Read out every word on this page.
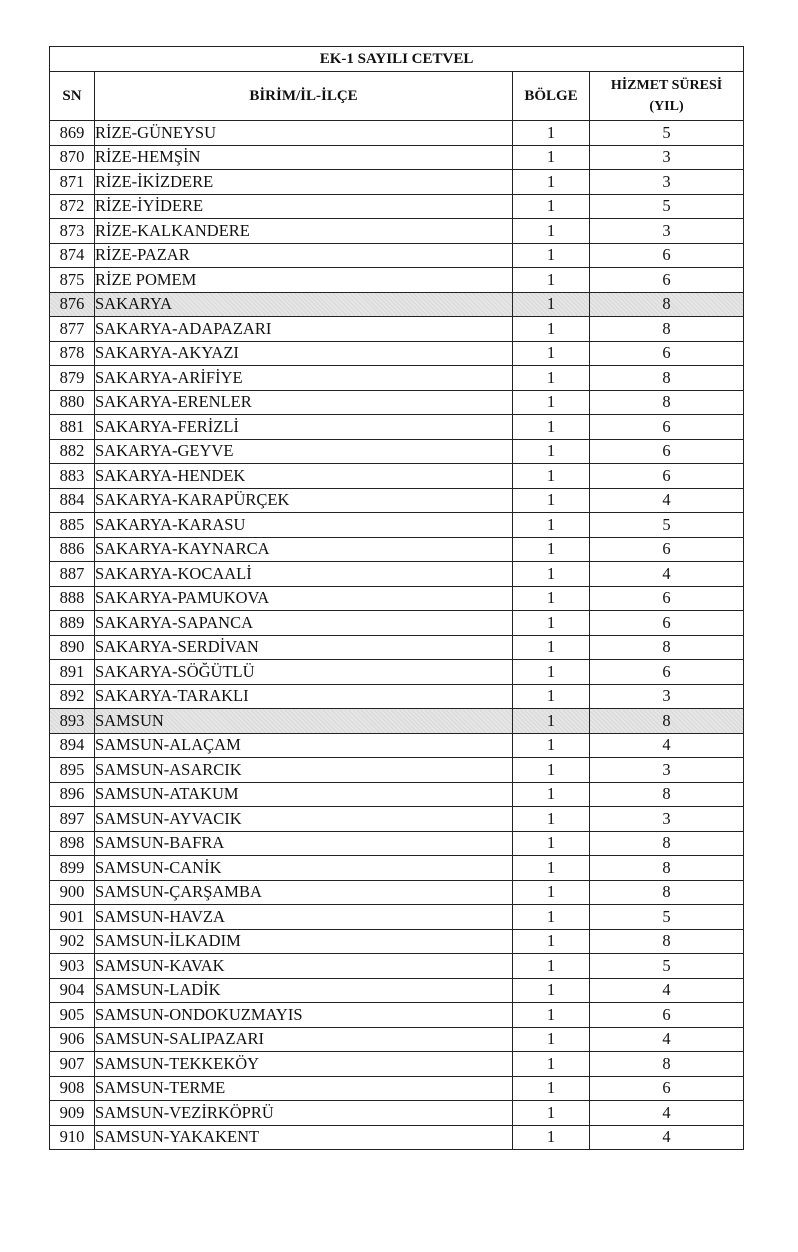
EK-1 SAYILI CETVEL			
SN	BİRİM/İL-İLÇE	BÖLGE	HİZMET SÜRESİ
(YIL)

869	RİZE-GÜNEYSU	1	5
870	RİZE-HEMŞİN	1	3
871	RİZE-İKİZDERE	1	3
872	RİZE-İYİDERE	1	5
873	RİZE-KALKANDERE	1	3
874	RİZE-PAZAR	1	6
875	RİZE POMEM	1	6
876	SAKARYA	1	8
877	SAKARYA-ADAPAZARI	1	8
878	SAKARYA-AKYAZI	1	6
879	SAKARYA-ARİFİYE	1	8
880	SAKARYA-ERENLER	1	8
881	SAKARYA-FERİZLİ	1	6
882	SAKARYA-GEYVE	1	6
883	SAKARYA-HENDEK	1	6
884	SAKARYA-KARAPÜRÇEK	1	4
885	SAKARYA-KARASU	1	5
886	SAKARYA-KAYNARCA	1	6
887	SAKARYA-KOCAALİ	1	4
888	SAKARYA-PAMUKOVA	1	6
889	SAKARYA-SAPANCA	1	6
890	SAKARYA-SERDİVAN	1	8
891	SAKARYA-SÖĞÜTLÜ	1	6
892	SAKARYA-TARAKLI	1	3
893	SAMSUN	1	8
894	SAMSUN-ALAÇAM	1	4
895	SAMSUN-ASARCIK	1	3
896	SAMSUN-ATAKUM	1	8
897	SAMSUN-AYVACIK	1	3
898	SAMSUN-BAFRA	1	8
899	SAMSUN-CANİK	1	8
900	SAMSUN-ÇARŞAMBA	1	8
901	SAMSUN-HAVZA	1	5
902	SAMSUN-İLKADIM	1	8
903	SAMSUN-KAVAK	1	5
904	SAMSUN-LADİK	1	4
905	SAMSUN-ONDOKUZMAYIS	1	6
906	SAMSUN-SALIPAZARI	1	4
907	SAMSUN-TEKKEKÖY	1	8
908	SAMSUN-TERME	1	6
909	SAMSUN-VEZİRKÖPRÜ	1	4
910	SAMSUN-YAKAKENT	1	4
